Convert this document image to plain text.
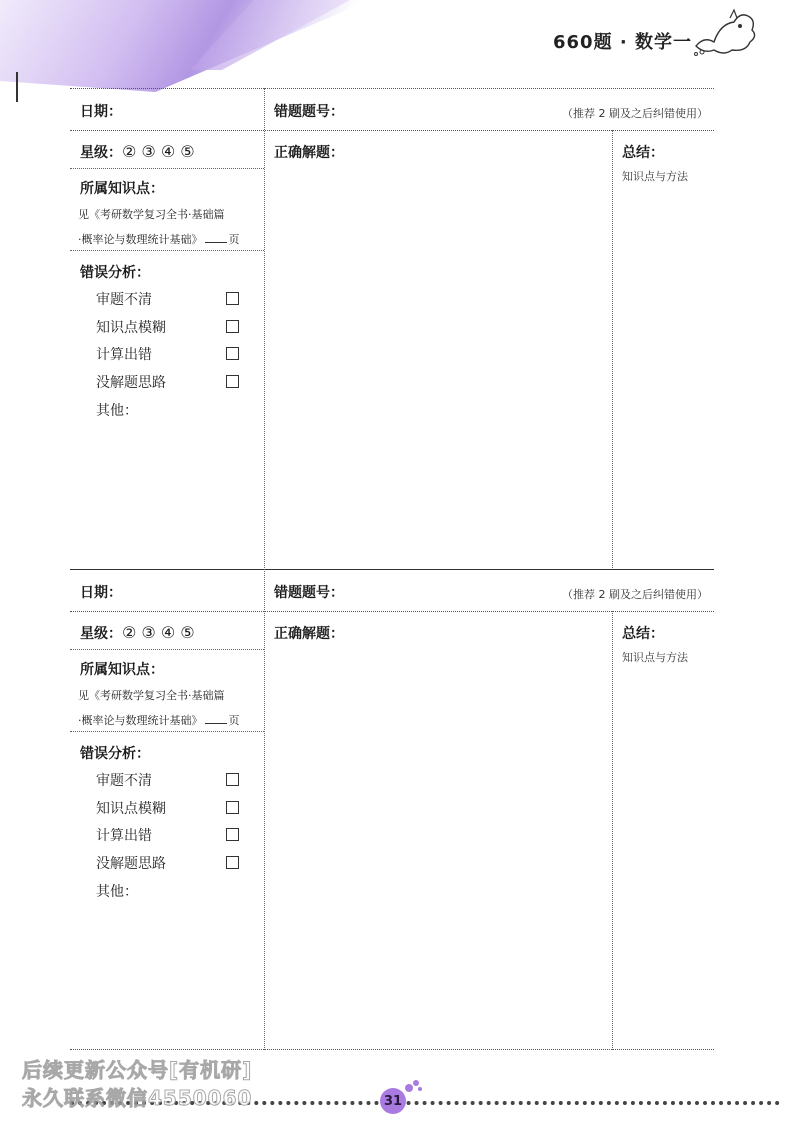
660题 · 数学一
日期：	错题题号：	（推荐 2 刷及之后纠错使用）
星级：② ③ ④ ⑤	正确解题：	总结：
知识点与方法
所属知识点：
见《考研数学复习全书·基础篇
·概率论与数理统计基础》 页
错误分析：
审题不清
知识点模糊
计算出错
没解题思路
其他：
日期：	错题题号：	（推荐 2 刷及之后纠错使用）
星级：② ③ ④ ⑤	正确解题：	总结：
知识点与方法
所属知识点：
见《考研数学复习全书·基础篇
·概率论与数理统计基础》 页
错误分析：
审题不清
知识点模糊
计算出错
没解题思路
其他：
31
后续更新公众号[有机研]
永久联系微信4550060
